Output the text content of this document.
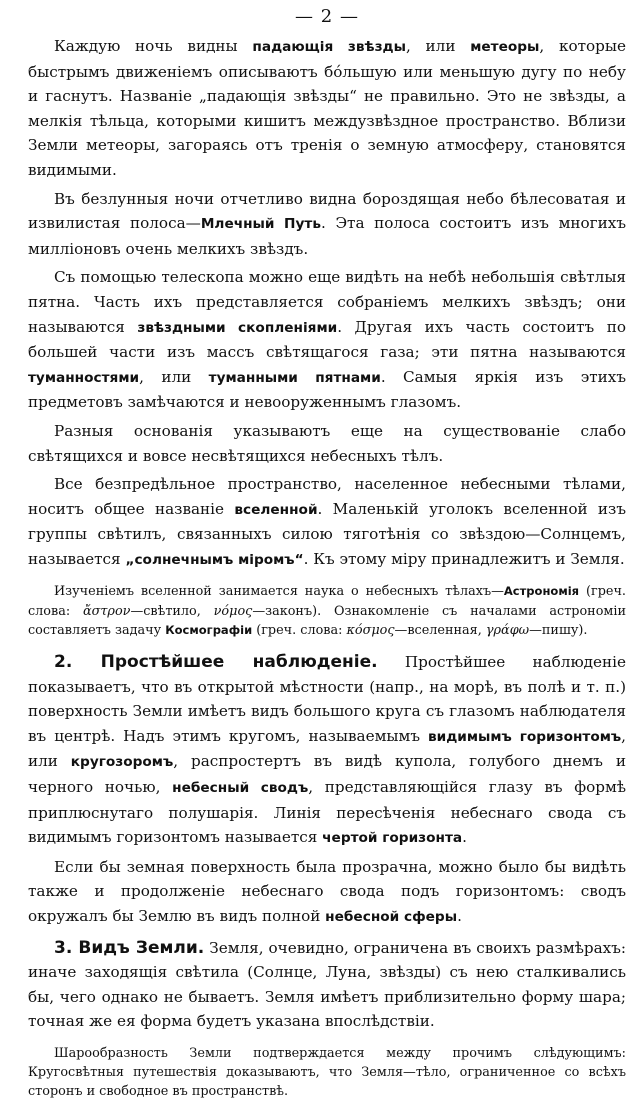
— 2 —

Каждую ночь видны падающія звѣзды, или метеоры, которые быстрымъ движеніемъ описываютъ бóльшую или меньшую дугу по небу и гаснутъ. Названіе „падающія звѣзды“ не правильно. Это не звѣзды, а мелкія тѣльца, которыми кишитъ междузвѣздное пространство. Вблизи Земли метеоры, загораясь отъ тренія о земную атмосферу, становятся видимыми.

Въ безлунныя ночи отчетливо видна бороздящая небо бѣлесоватая и извилистая полоса—Млечный Путь. Эта полоса состоитъ изъ многихъ миллiоновъ очень мелкихъ звѣздъ.

Съ помощью телескопа можно еще видѣть на небѣ небольшія свѣтлыя пятна. Часть ихъ представляется собраніемъ мелкихъ звѣздъ; они называются звѣздными скопленіями. Другая ихъ часть состоитъ по большей части изъ массъ свѣтящагося газа; эти пятна называются туманностями, или туманными пятнами. Самыя яркія изъ этихъ предметовъ замѣчаются и невооруженнымъ глазомъ.

Разныя основанія указываютъ еще на существованіе слабо свѣтящихся и вовсе несвѣтящихся небесныхъ тѣлъ.

Все безпредѣльное пространство, населенное небесными тѣлами, носитъ общее названіе вселенной. Маленькій уголокъ вселенной изъ группы свѣтилъ, связанныхъ силою тяготѣнія со звѣздою—Солнцемъ, называется „солнечнымъ міромъ“. Къ этому міру принадлежитъ и Земля.

Изученіемъ вселенной занимается наука о небесныхъ тѣлахъ—Астрономія (греч. слова: ἄστρον—свѣтило, νόμος—законъ). Ознакомленіе съ началами астрономіи составляетъ задачу Космографіи (греч. слова: κόσμος—вселенная, γράφω—пишу).

2. Простѣйшее наблюденіе. Простѣйшее наблюденіе показываетъ, что въ открытой мѣстности (напр., на морѣ, въ полѣ и т. п.) поверхность Земли имѣетъ видъ большого круга съ глазомъ наблюдателя въ центрѣ. Надъ этимъ кругомъ, называемымъ видимымъ горизонтомъ, или кругозоромъ, распростертъ въ видѣ купола, голубого днемъ и черного ночью, небесный сводъ, представляющійся глазу въ формѣ приплюснутаго полушарія. Линія пересѣченія небеснаго свода съ видимымъ горизонтомъ называется чертой горизонта.

Если бы земная поверхность была прозрачна, можно было бы видѣть также и продолженіе небеснаго свода подъ горизонтомъ: сводъ окружалъ бы Землю въ видъ полной небесной сферы.

3. Видъ Земли. Земля, очевидно, ограничена въ своихъ размѣрахъ: иначе заходящія свѣтила (Солнце, Луна, звѣзды) съ нею сталкивались бы, чего однако не бываетъ. Земля имѣетъ приблизительно форму шара; точная же ея форма будетъ указана впослѣдствіи.

Шарообразность Земли подтверждается между прочимъ слѣдующимъ: Кругосвѣтныя путешествія доказываютъ, что Земля—тѣло, ограниченное со всѣхъ сторонъ и свободное въ пространствѣ.
